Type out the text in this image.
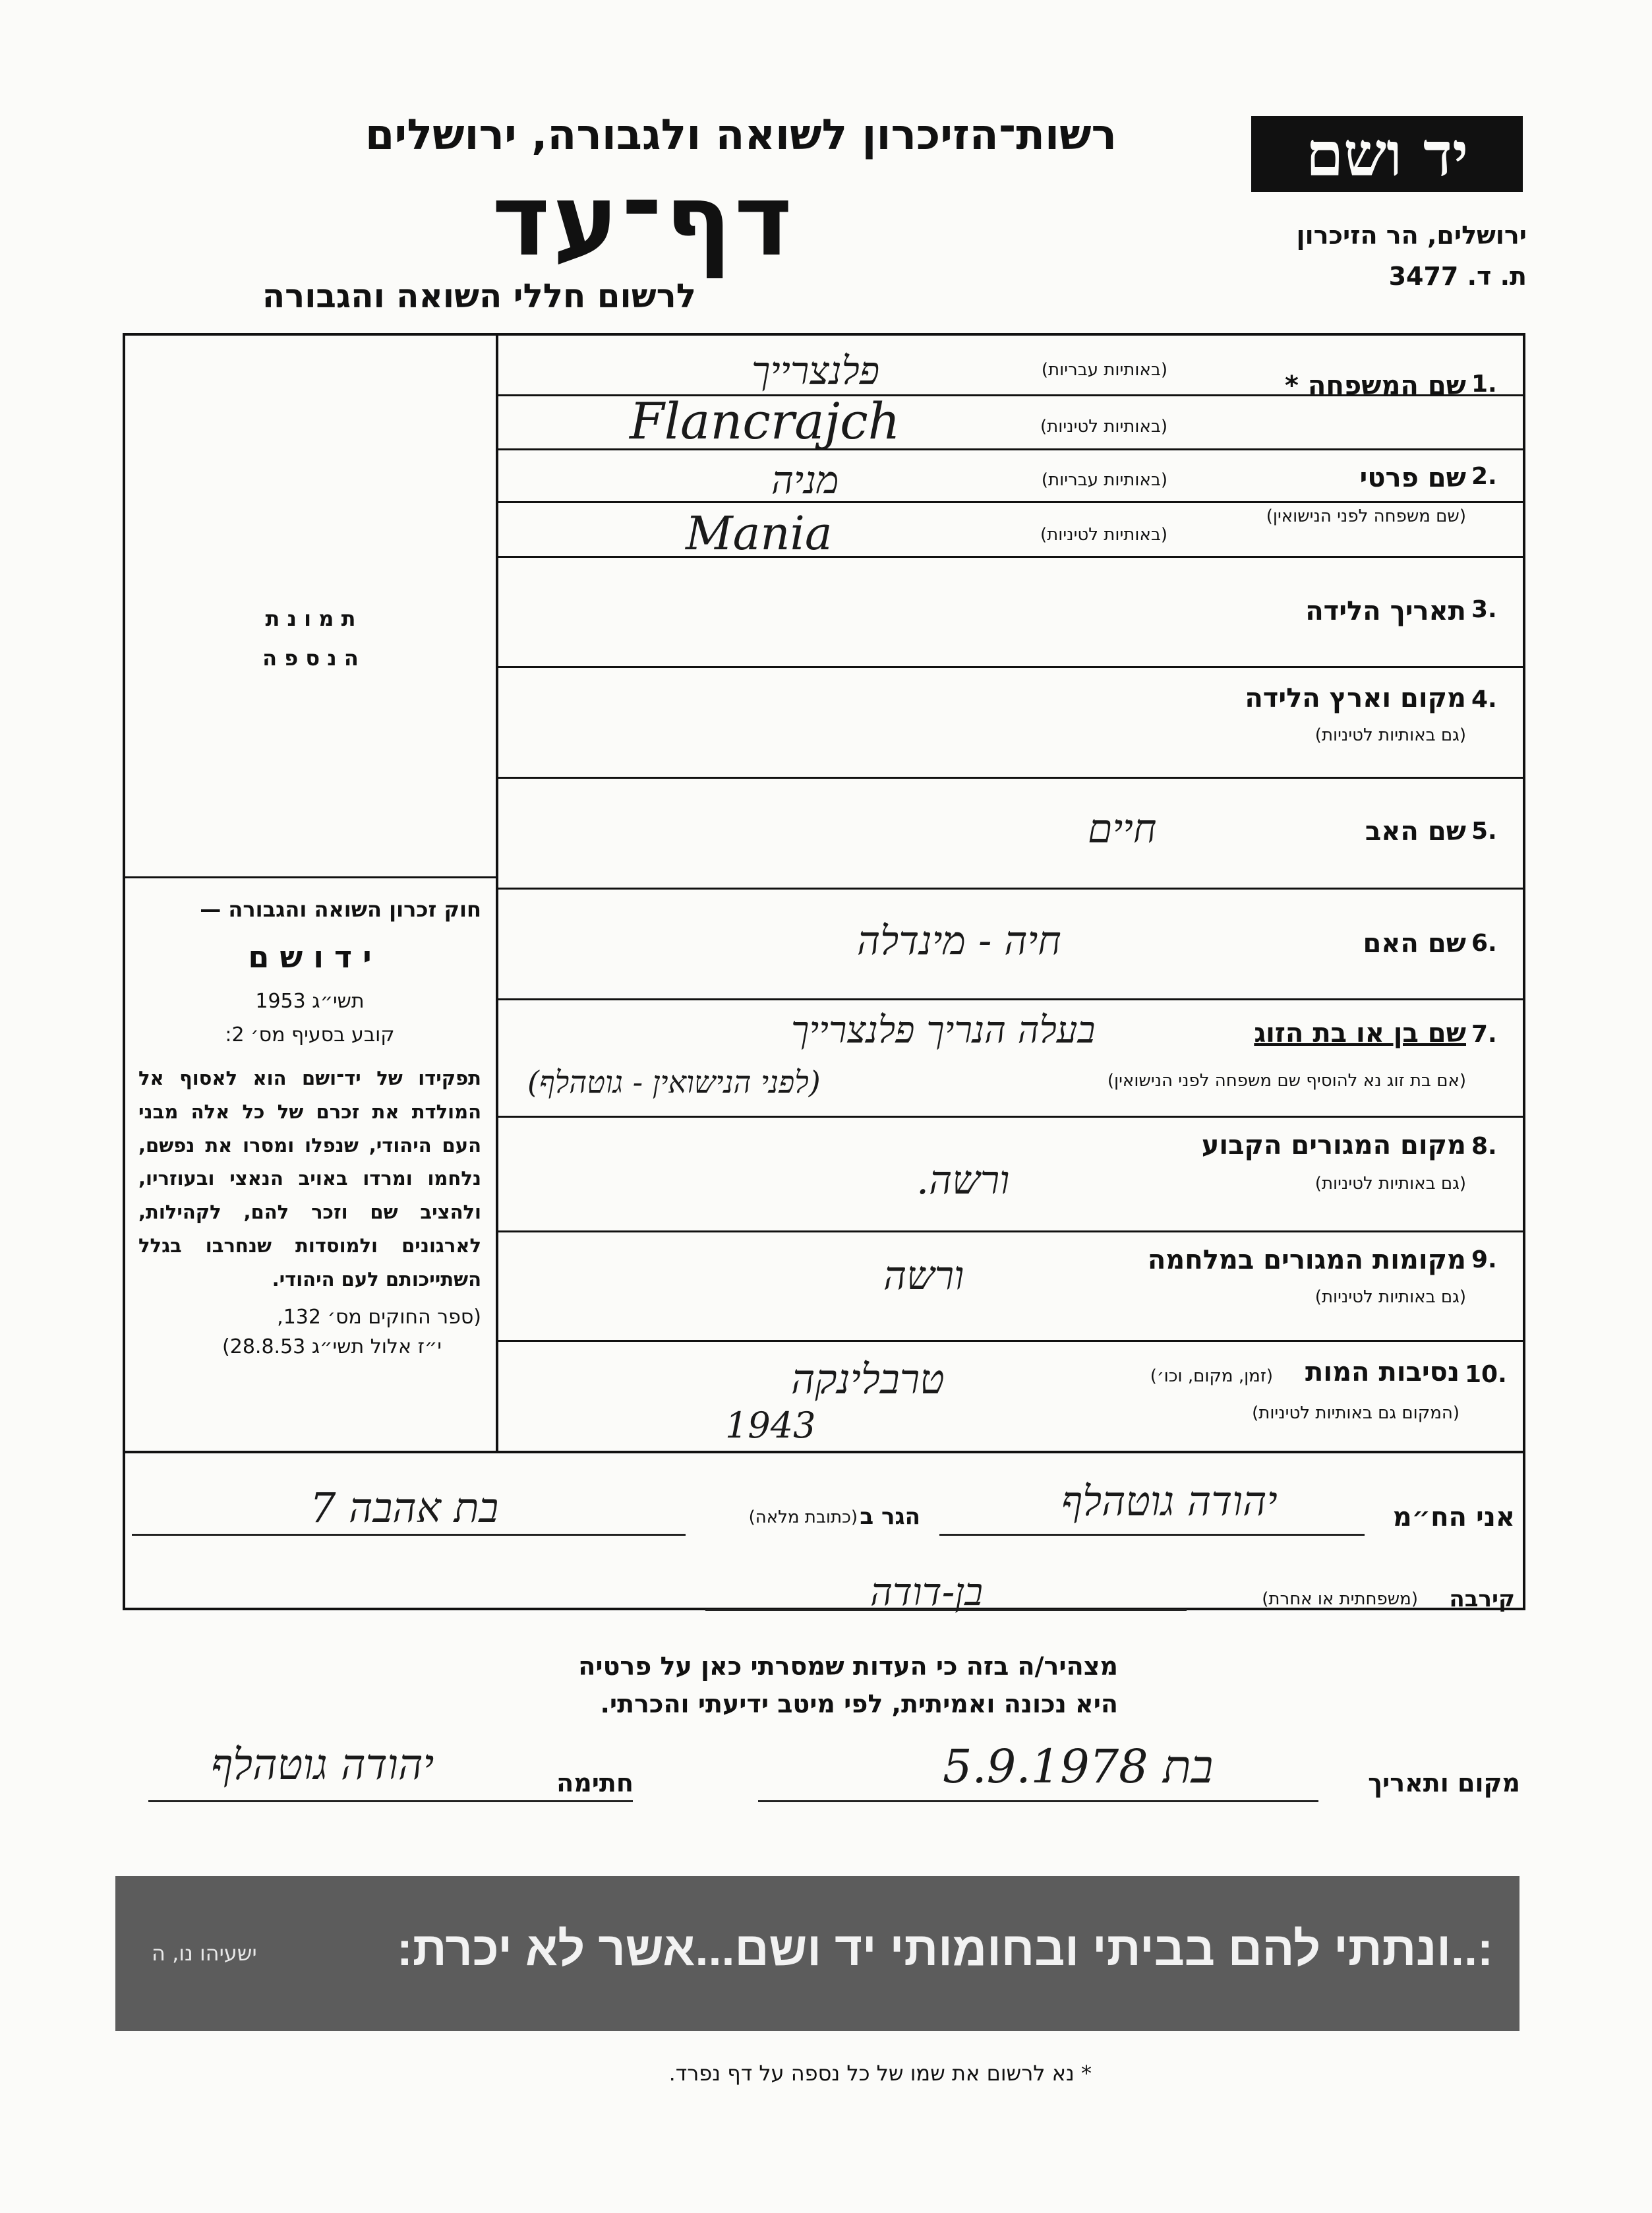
יד ושם
ירושלים, הר הזיכרון
ת. ד. 3477
רשות־הזיכרון לשואה ולגבורה, ירושלים
דף־עד
לרשום חללי השואה והגבורה
ת מ ו נ ת
ה נ ס פ ה
חוק זכרון השואה והגבורה —
י ד ו ש ם
תשי״ג 1953
קובע בסעיף מס׳ 2:
תפקידו של יד־ושם הוא לאסוף אל המולדת את זכרם של כל אלה מבני העם היהודי, שנפלו ומסרו את נפשם, נלחמו ומרדו באויב הנאצי ובעוזריו, ולהציב שם וזכר להם, לקהילות, לארגונים ולמוסדות שנחרבו בגלל השתייכותם לעם היהודי.
(ספר החוקים מס׳ 132,
י״ז אלול תשי״ג 28.8.53)
1.
שם המשפחה *
(באותיות עבריות)
פלנצרייך
(באותיות לטיניות)
Flancrajch
2.
שם פרטי
(שם משפחה לפני הנישואין)
(באותיות עבריות)
מניה
(באותיות לטיניות)
Mania
3.
תאריך הלידה
4.
מקום וארץ הלידה
(גם באותיות לטיניות)
5.
שם האב
חיים
6.
שם האם
חיה - מינדלה
7.
שם בן או בת הזוג
(אם בת זוג נא להוסיף שם משפחה לפני הנישואין)
בעלה הנריך פלנצרייך
(לפני הנישואין - גוטהלף)
8.
מקום המגורים הקבוע
(גם באותיות לטיניות)
ורשה.
9.
מקומות המגורים במלחמה
(גם באותיות לטיניות)
ורשה
10.
נסיבות המות
(זמן, מקום, וכו׳)
(המקום גם באותיות לטיניות)
טרבלינקה
1943
אני הח״מ
יהודה גוטהלף
הגר ב
(כתובת מלאה)
בת אהבה 7
קירבה
(משפחתית או אחרת)
בן-דודה
מצהיר/ה בזה כי העדות שמסרתי כאן על פרטיה
היא נכונה ואמיתית, לפי מיטב ידיעתי והכרתי.
מקום ותאריך
5.9.1978 בת
חתימה
יהודה גוטהלף
:..ונתתי להם בביתי ובחומותי יד ושם...אשר לא יכרת:
ישעיהו נו, ה
* נא לרשום את שמו של כל נספה על דף נפרד.
